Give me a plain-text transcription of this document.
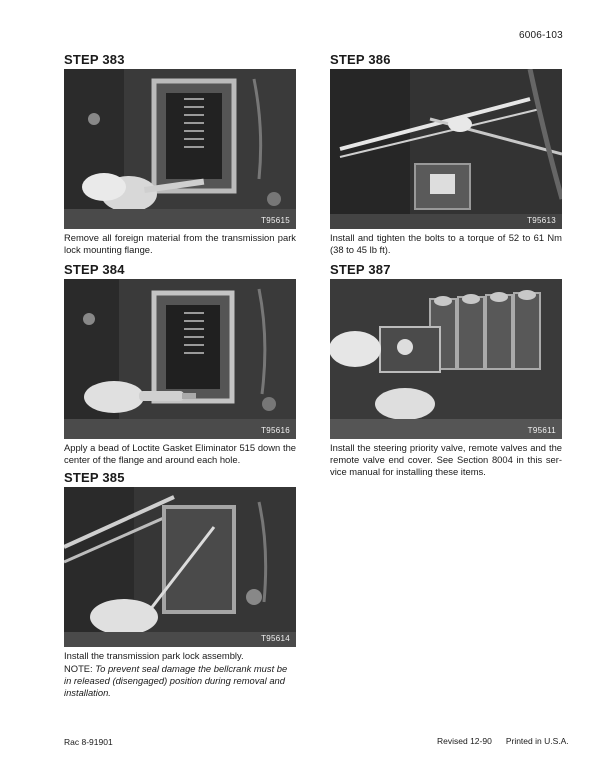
6006-103
STEP 383
T95615
Remove all foreign material from the transmission park lock mounting flange.
STEP 384
T95616
Apply a bead of Loctite Gasket Eliminator 515 down the center of the flange and around each hole.
STEP 385
T95614
Install the transmission park lock assembly.
STEP 386
T95613
Install and tighten the bolts to a torque of 52 to 61 Nm (38 to 45 lb ft).
STEP 387
T95611
Install the steering priority valve, remote valves and the remote valve end cover. See Section 8004 in this ser-vice manual for installing these items.
NOTE: To prevent seal damage the bellcrank must be in released (disengaged) position during removal and installation.
Rac 8-91901	Revised 12-90 Printed in U.S.A.
